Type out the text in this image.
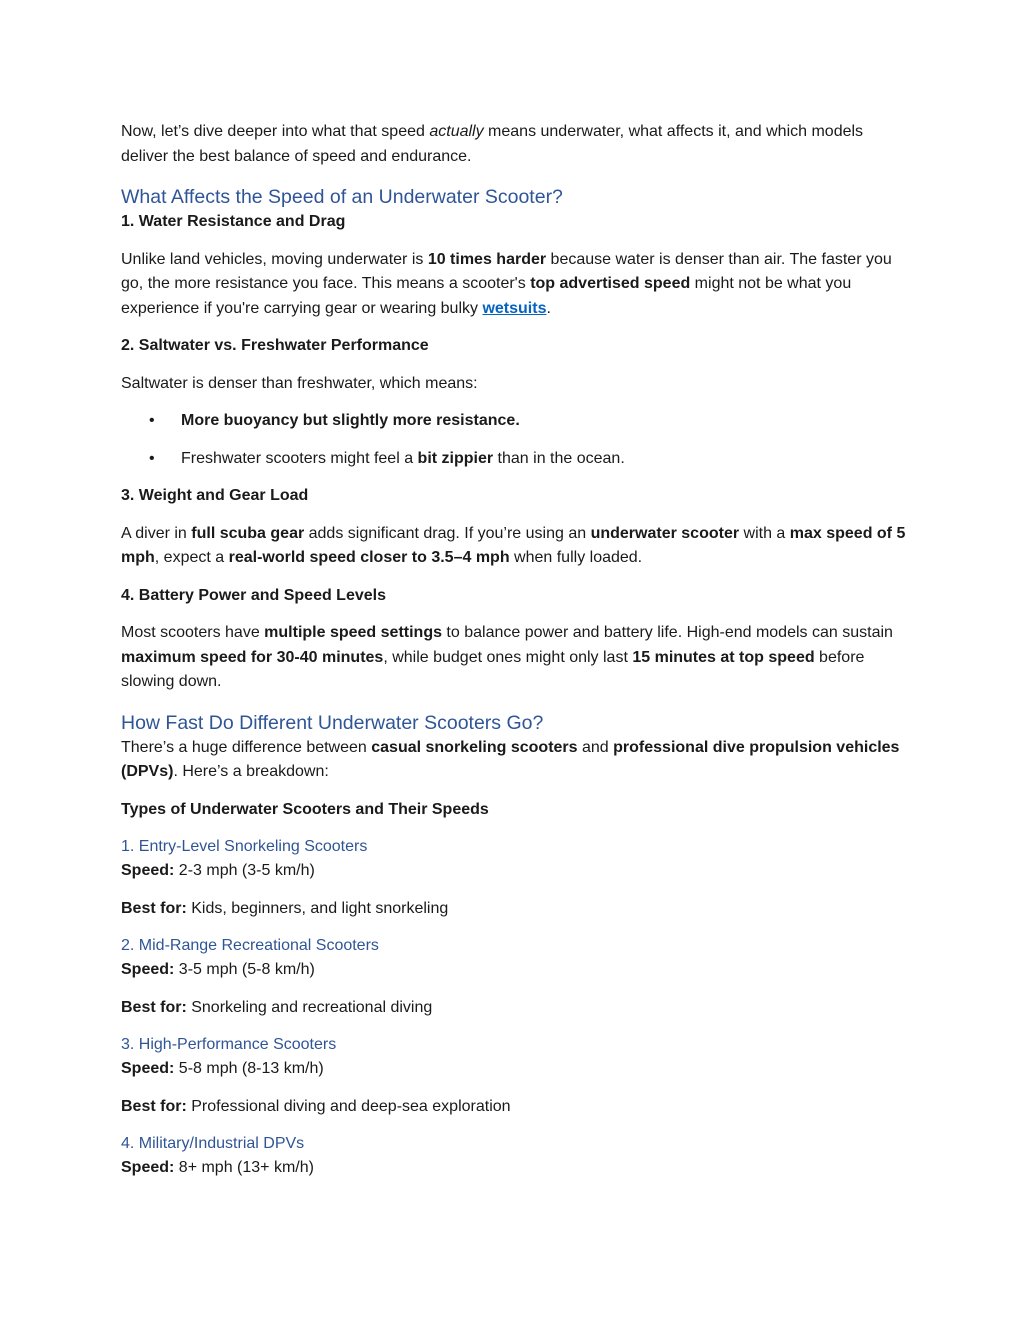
Now, let’s dive deeper into what that speed actually means underwater, what affects it, and which models deliver the best balance of speed and endurance.

What Affects the Speed of an Underwater Scooter?

1. Water Resistance and Drag

Unlike land vehicles, moving underwater is 10 times harder because water is denser than air. The faster you go, the more resistance you face. This means a scooter's top advertised speed might not be what you experience if you're carrying gear or wearing bulky wetsuits.

2. Saltwater vs. Freshwater Performance

Saltwater is denser than freshwater, which means:

• More buoyancy but slightly more resistance.
• Freshwater scooters might feel a bit zippier than in the ocean.

3. Weight and Gear Load

A diver in full scuba gear adds significant drag. If you’re using an underwater scooter with a max speed of 5 mph, expect a real-world speed closer to 3.5–4 mph when fully loaded.

4. Battery Power and Speed Levels

Most scooters have multiple speed settings to balance power and battery life. High-end models can sustain maximum speed for 30-40 minutes, while budget ones might only last 15 minutes at top speed before slowing down.

How Fast Do Different Underwater Scooters Go?

There’s a huge difference between casual snorkeling scooters and professional dive propulsion vehicles (DPVs). Here’s a breakdown:

Types of Underwater Scooters and Their Speeds

1. Entry-Level Snorkeling Scooters

Speed: 2-3 mph (3-5 km/h)

Best for: Kids, beginners, and light snorkeling

2. Mid-Range Recreational Scooters

Speed: 3-5 mph (5-8 km/h)

Best for: Snorkeling and recreational diving

3. High-Performance Scooters

Speed: 5-8 mph (8-13 km/h)

Best for: Professional diving and deep-sea exploration

4. Military/Industrial DPVs

Speed: 8+ mph (13+ km/h)
